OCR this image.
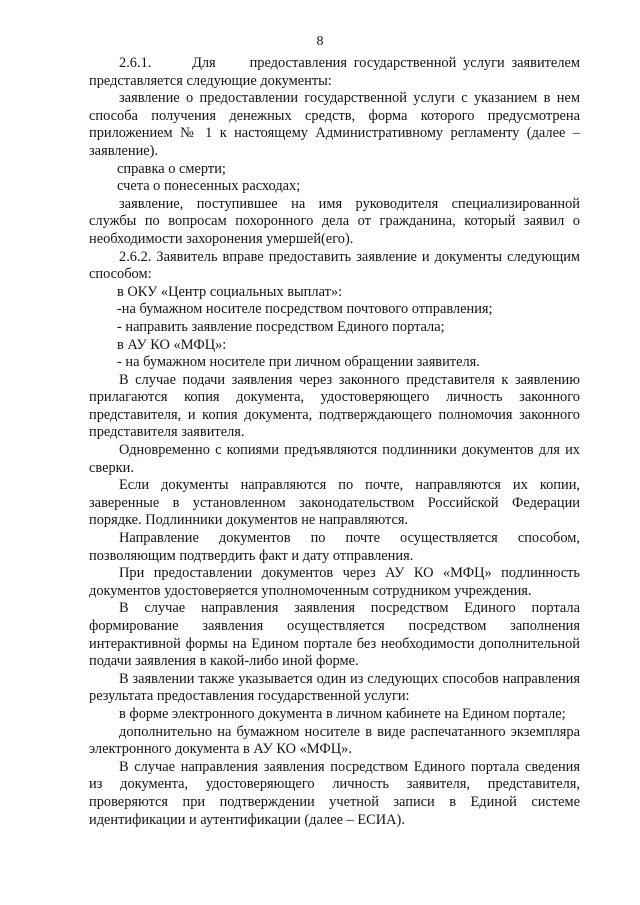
8

2.6.1.      Для     предоставления государственной услуги заявителем представляется следующие документы:

заявление о предоставлении государственной услуги с указанием в нем способа получения денежных средств, форма которого предусмотрена приложением № 1 к настоящему Административному регламенту (далее – заявление).

справка о смерти;

счета о понесенных расходах;

заявление, поступившее на имя руководителя специализированной службы по вопросам похоронного дела от гражданина, который заявил о необходимости захоронения умершей(его).

2.6.2. Заявитель вправе предоставить заявление и документы следующим способом:

в ОКУ «Центр социальных выплат»:

-на бумажном носителе посредством почтового отправления;

- направить заявление посредством Единого портала;

в АУ КО «МФЦ»:

- на бумажном носителе при личном обращении заявителя.

В случае подачи заявления через законного представителя к заявлению прилагаются копия документа, удостоверяющего личность законного представителя, и копия документа, подтверждающего полномочия законного представителя заявителя.

Одновременно с копиями предъявляются подлинники документов для их сверки.

Если документы направляются по почте, направляются их копии, заверенные в установленном законодательством Российской Федерации порядке. Подлинники документов не направляются.

Направление документов по почте осуществляется способом, позволяющим подтвердить факт и дату отправления.

При предоставлении документов через АУ КО «МФЦ» подлинность документов удостоверяется уполномоченным сотрудником учреждения.

В случае направления заявления посредством Единого портала формирование заявления осуществляется посредством заполнения интерактивной формы на Едином портале без необходимости дополнительной подачи заявления в какой-либо иной форме.

В заявлении также указывается один из следующих способов направления результата предоставления государственной услуги:

в форме электронного документа в личном кабинете на Едином портале;

дополнительно на бумажном носителе в виде распечатанного экземпляра электронного документа в АУ КО «МФЦ».

В случае направления заявления посредством Единого портала сведения из документа, удостоверяющего личность заявителя, представителя, проверяются при подтверждении учетной записи в Единой системе идентификации и аутентификации (далее – ЕСИА).
